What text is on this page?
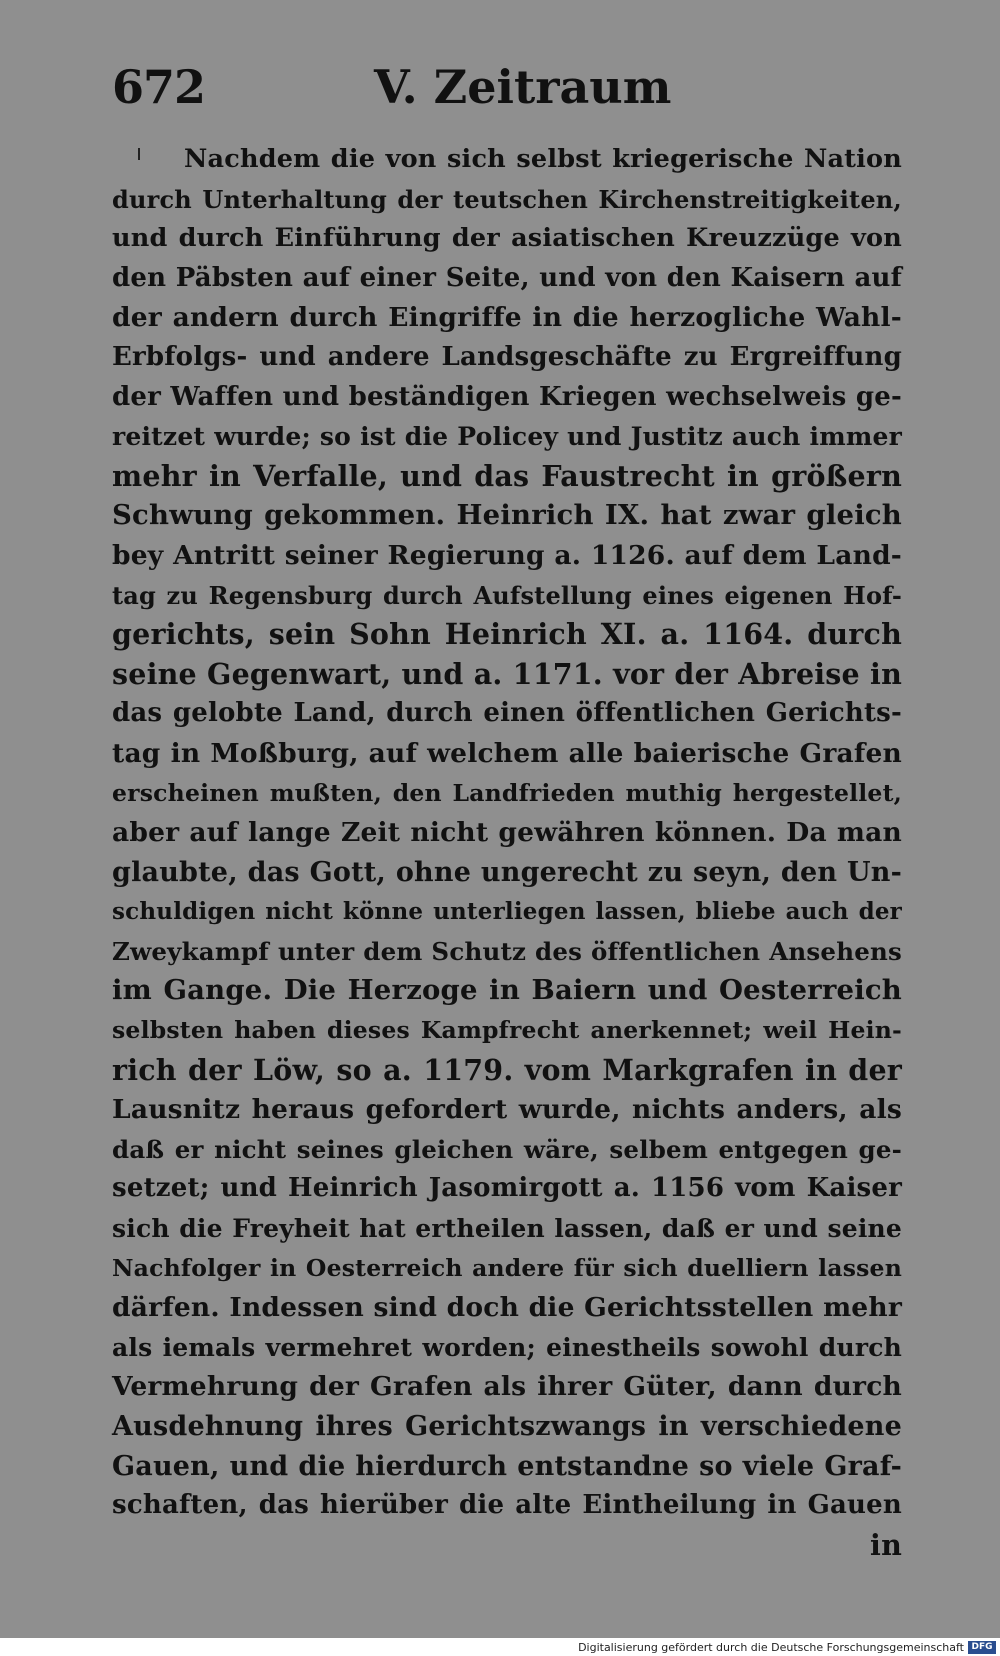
672	V. Zeitraum
Nachdem die von sich selbst kriegerische Nation
durch Unterhaltung der teutschen Kirchenstreitigkeiten,
und durch Einführung der asiatischen Kreuzzüge von
den Päbsten auf einer Seite, und von den Kaisern auf
der andern durch Eingriffe in die herzogliche Wahl-
Erbfolgs- und andere Landsgeschäfte zu Ergreiffung
der Waffen und beständigen Kriegen wechselweis ge-
reitzet wurde; so ist die Policey und Justitz auch immer
mehr in Verfalle, und das Faustrecht in größern
Schwung gekommen. Heinrich IX. hat zwar gleich
bey Antritt seiner Regierung a. 1126. auf dem Land-
tag zu Regensburg durch Aufstellung eines eigenen Hof-
gerichts, sein Sohn Heinrich XI. a. 1164. durch
seine Gegenwart, und a. 1171. vor der Abreise in
das gelobte Land, durch einen öffentlichen Gerichts-
tag in Moßburg, auf welchem alle baierische Grafen
erscheinen mußten, den Landfrieden muthig hergestellet,
aber auf lange Zeit nicht gewähren können. Da man
glaubte, das Gott, ohne ungerecht zu seyn, den Un-
schuldigen nicht könne unterliegen lassen, bliebe auch der
Zweykampf unter dem Schutz des öffentlichen Ansehens
im Gange. Die Herzoge in Baiern und Oesterreich
selbsten haben dieses Kampfrecht anerkennet; weil Hein-
rich der Löw, so a. 1179. vom Markgrafen in der
Lausnitz heraus gefordert wurde, nichts anders, als
daß er nicht seines gleichen wäre, selbem entgegen ge-
setzet; und Heinrich Jasomirgott a. 1156 vom Kaiser
sich die Freyheit hat ertheilen lassen, daß er und seine
Nachfolger in Oesterreich andere für sich duelliern lassen
därfen. Indessen sind doch die Gerichtsstellen mehr
als iemals vermehret worden; einestheils sowohl durch
Vermehrung der Grafen als ihrer Güter, dann durch
Ausdehnung ihres Gerichtszwangs in verschiedene
Gauen, und die hierdurch entstandne so viele Graf-
schaften, das hierüber die alte Eintheilung in Gauen
in
Digitalisierung gefördert durch die Deutsche Forschungsgemeinschaft DFG
